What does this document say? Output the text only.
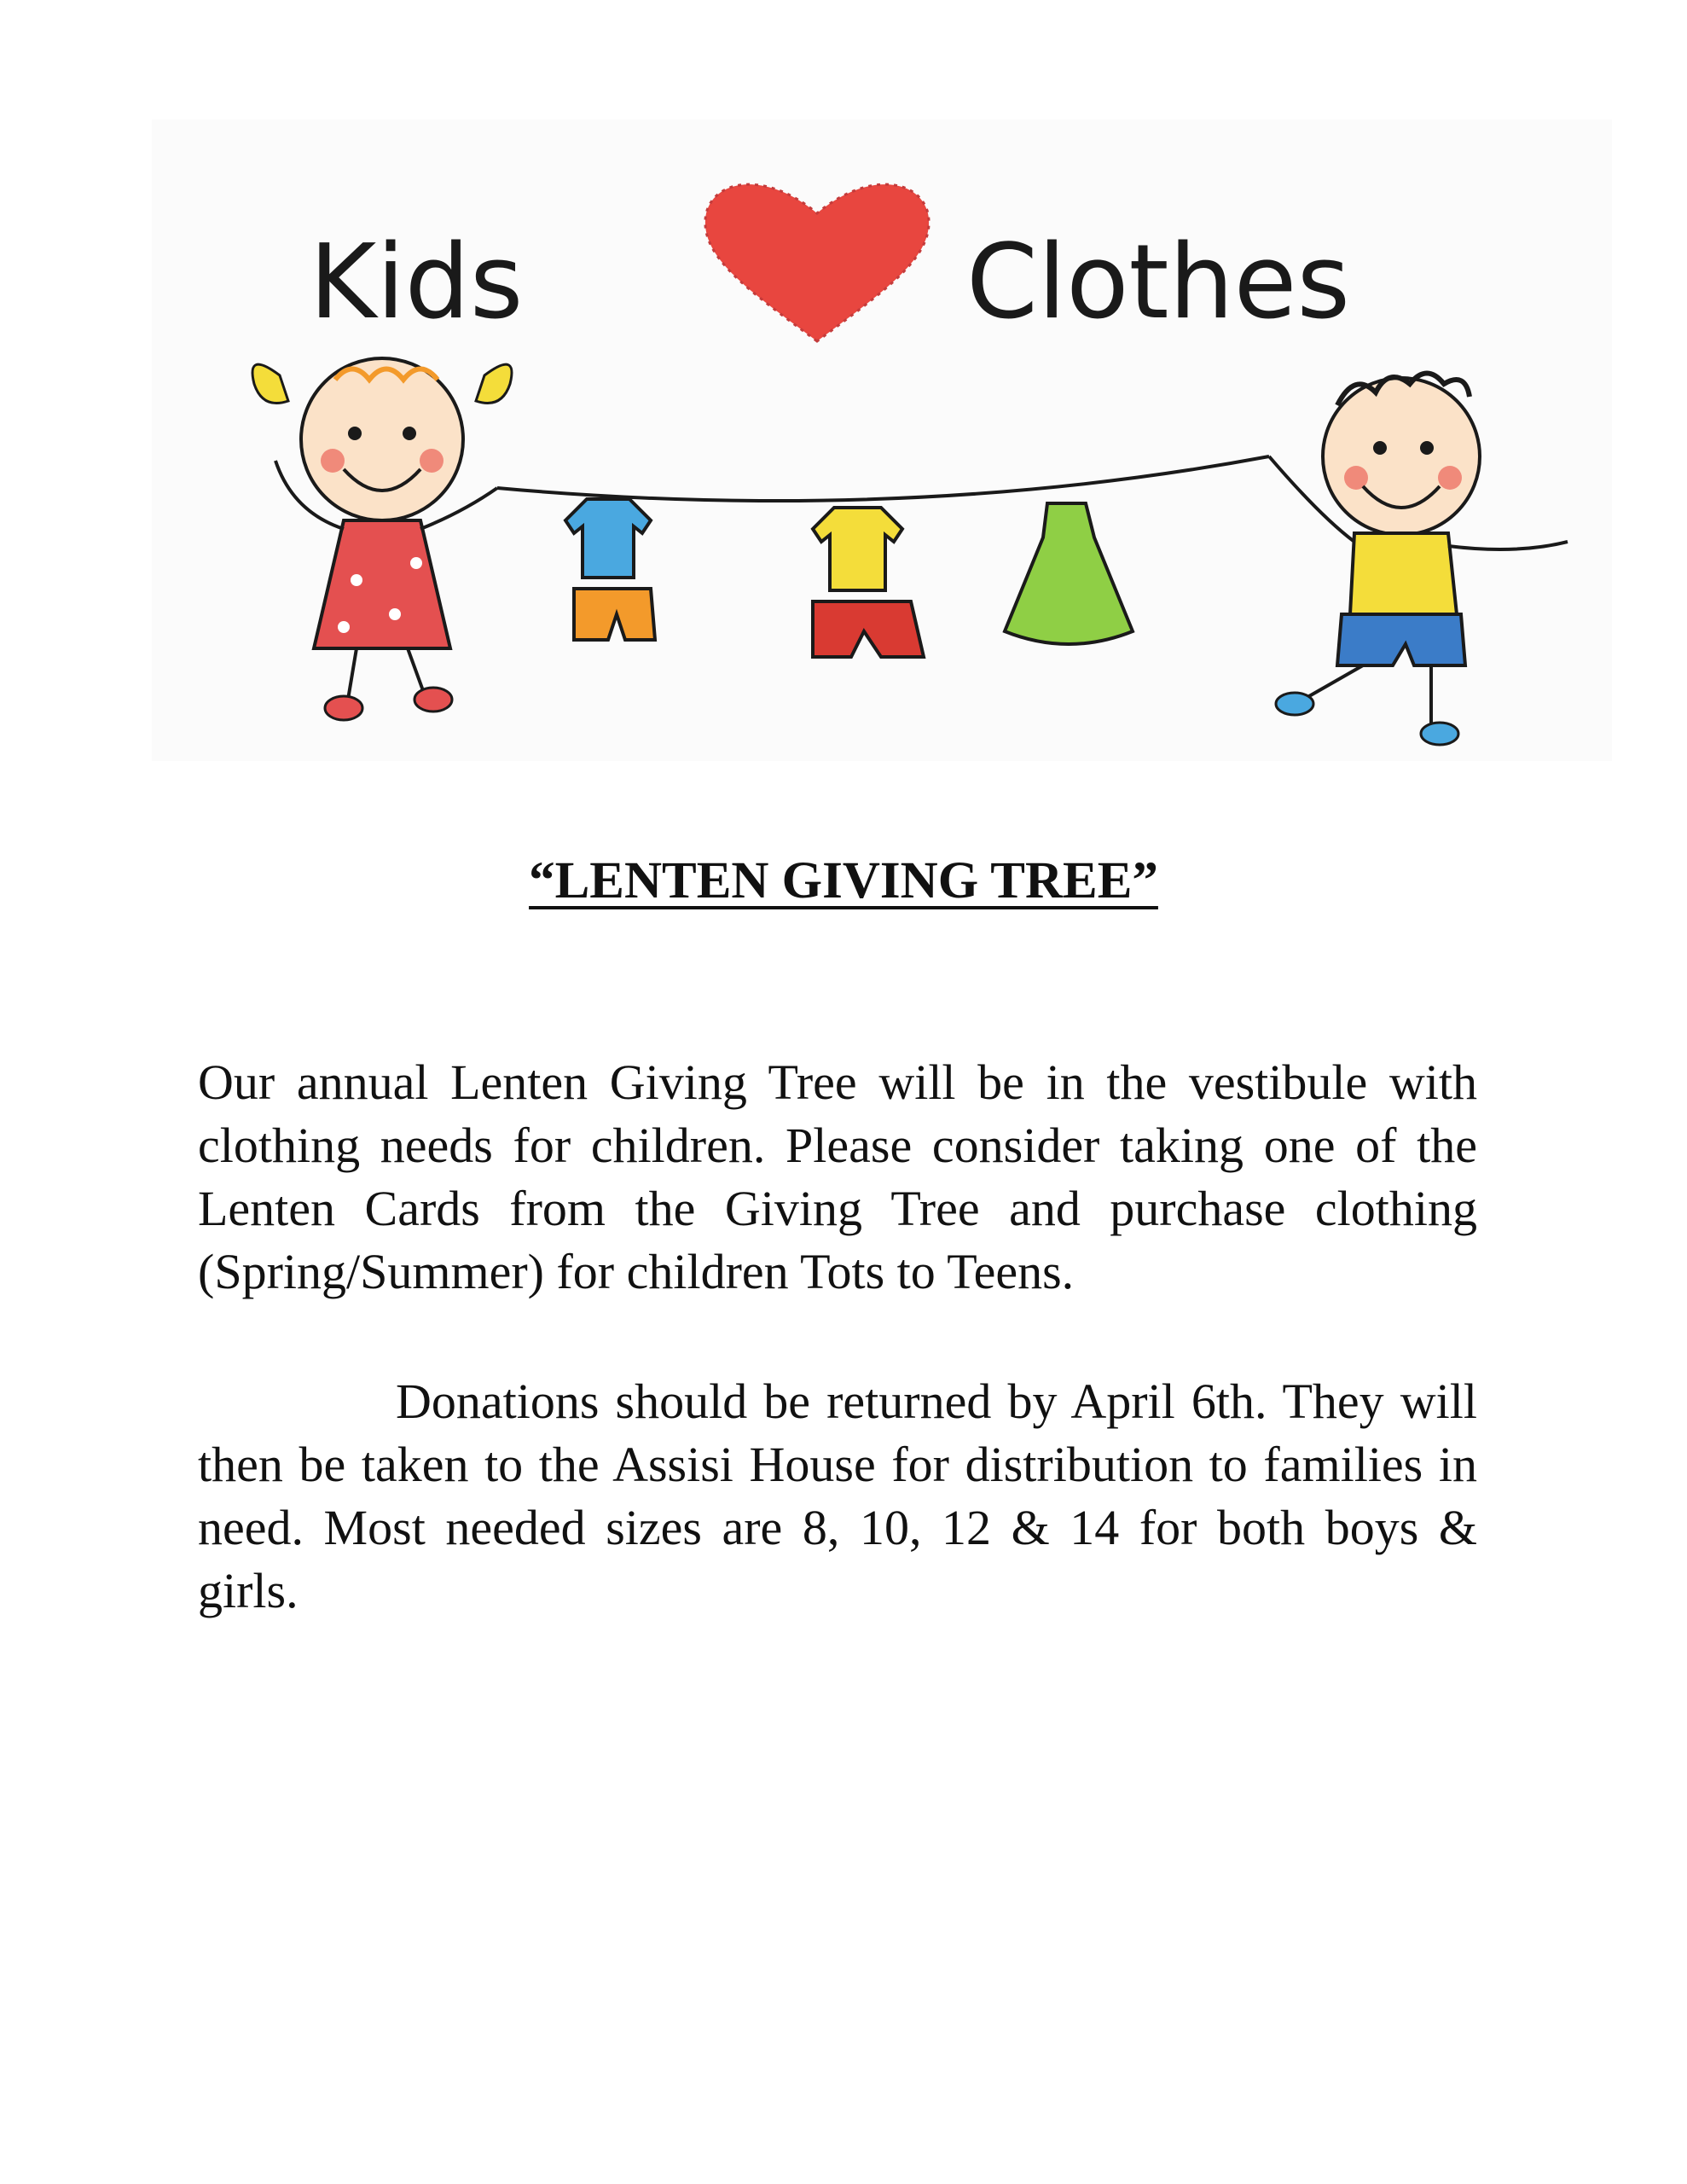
Kids	Clothes
“LENTEN GIVING TREE”

Our annual Lenten Giving Tree will be in the vestibule with clothing needs for children. Please consider taking one of the Lenten Cards from the Giving Tree and purchase clothing (Spring/Summer) for children Tots to Teens.

Donations should be returned by April 6th. They will then be taken to the Assisi House for distribution to families in need. Most needed sizes are 8, 10, 12 & 14 for both boys & girls.
